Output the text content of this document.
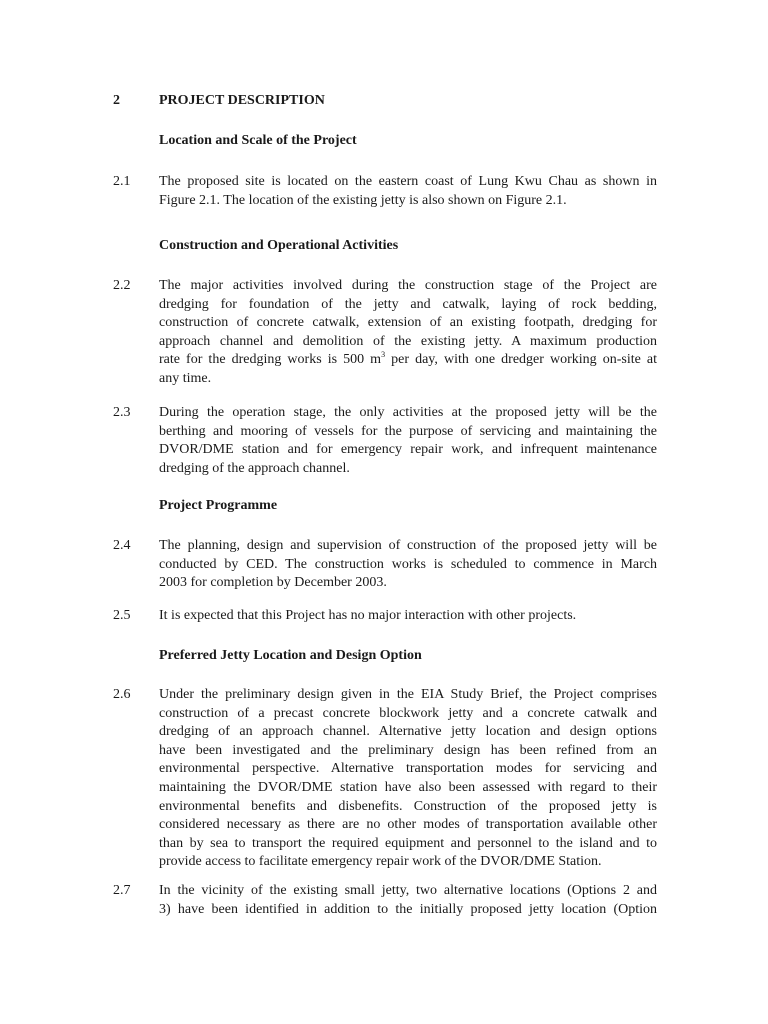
2	PROJECT DESCRIPTION
Location and Scale of the Project
2.1 The proposed site is located on the eastern coast of Lung Kwu Chau as shown in
Figure 2.1. The location of the existing jetty is also shown on Figure 2.1.
Construction and Operational Activities
2.2 The major activities involved during the construction stage of the Project are
dredging for foundation of the jetty and catwalk, laying of rock bedding,
construction of concrete catwalk, extension of an existing footpath, dredging for
approach channel and demolition of the existing jetty. A maximum production
rate for the dredging works is 500 $m^3$ per day, with one dredger working on-site at
any time.
2.3 During the operation stage, the only activities at the proposed jetty will be the
berthing and mooring of vessels for the purpose of servicing and maintaining the
DVOR/DME station and for emergency repair work, and infrequent maintenance
dredging of the approach channel.
Project Programme
2.4 The planning, design and supervision of construction of the proposed jetty will be
conducted by CED. The construction works is scheduled to commence in March
2003 for completion by December 2003.
2.5 It is expected that this Project has no major interaction with other projects.
Preferred Jetty Location and Design Option
2.6 Under the preliminary design given in the EIA Study Brief, the Project comprises
construction of a precast concrete blockwork jetty and a concrete catwalk and
dredging of an approach channel. Alternative jetty location and design options
have been investigated and the preliminary design has been refined from an
environmental perspective. Alternative transportation modes for servicing and
maintaining the DVOR/DME station have also been assessed with regard to their
environmental benefits and disbenefits. Construction of the proposed jetty is
considered necessary as there are no other modes of transportation available other
than by sea to transport the required equipment and personnel to the island and to
provide access to facilitate emergency repair work of the DVOR/DME Station.
2.7 In the vicinity of the existing small jetty, two alternative locations (Options 2 and
3) have been identified in addition to the initially proposed jetty location (Option
